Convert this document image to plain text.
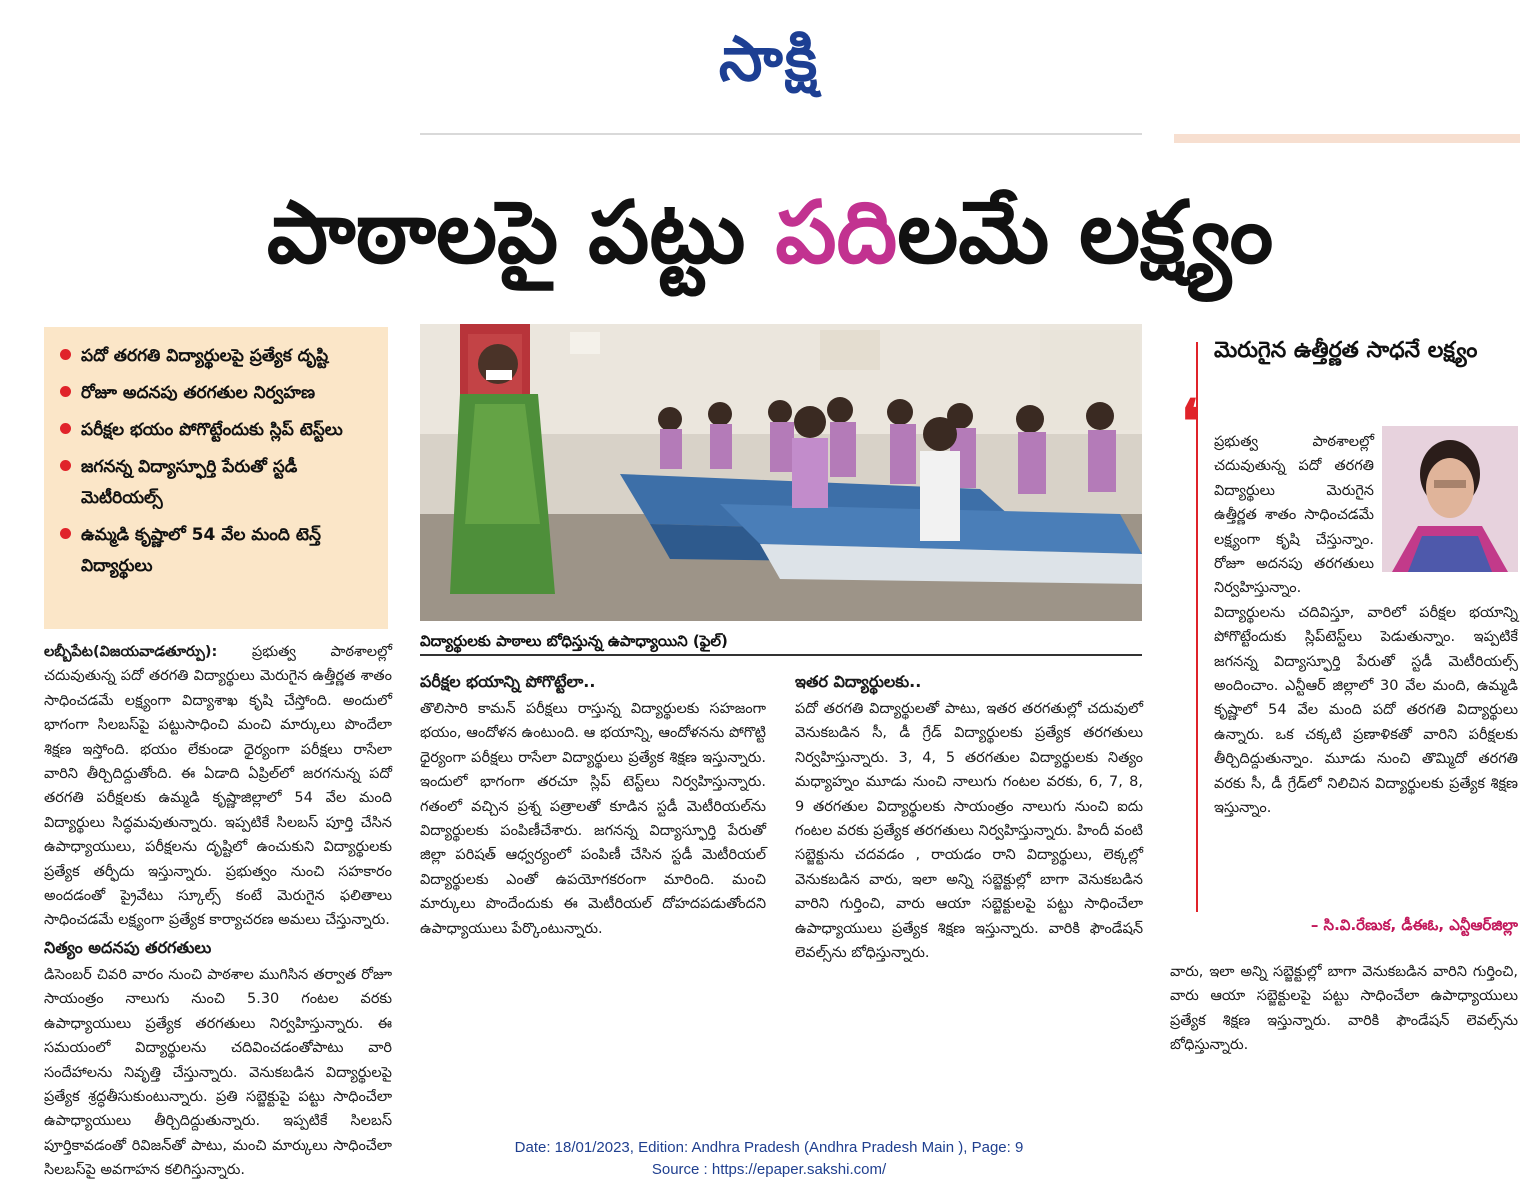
సాక్షి
పాఠాలపై పట్టు పదిలమే లక్ష్యం
పదో తరగతి విద్యార్థులపై ప్రత్యేక దృష్టి
రోజూ అదనపు తరగతుల నిర్వహణ
పరీక్షల భయం పోగొట్టేందుకు స్లిప్ టెస్ట్‌లు
జగనన్న విద్యాస్ఫూర్తి పేరుతో స్టడీ మెటీరియల్స్
ఉమ్మడి కృష్ణాలో 54 వేల మంది టెన్త్ విద్యార్థులు
విద్యార్థులకు పాఠాలు బోధిస్తున్న ఉపాధ్యాయిని (ఫైల్)

లబ్బీపేట(విజయవాడతూర్పు): ప్రభుత్వ పాఠశాలల్లో చదువుతున్న పదో తరగతి విద్యార్థులు మెరుగైన ఉత్తీర్ణత శాతం సాధించడమే లక్ష్యంగా విద్యాశాఖ కృషి చేస్తోంది. అందులో భాగంగా సిలబస్‌పై పట్టుసాధించి మంచి మార్కులు పొందేలా శిక్షణ ఇస్తోంది. భయం లేకుండా ధైర్యంగా పరీక్షలు రాసేలా వారిని తీర్చిదిద్దుతోంది. ఈ ఏడాది ఏప్రిల్‌లో జరగనున్న పదో తరగతి పరీక్షలకు ఉమ్మడి కృష్ణాజిల్లాలో 54 వేల మంది విద్యార్థులు సిద్ధమవుతున్నారు. ఇప్పటికే సిలబస్ పూర్తి చేసిన ఉపాధ్యాయులు, పరీక్షలను దృష్టిలో ఉంచుకుని విద్యార్థులకు ప్రత్యేక తర్ఫీదు ఇస్తున్నారు. ప్రభుత్వం నుంచి సహకారం అందడంతో ప్రైవేటు స్కూల్స్ కంటే మెరుగైన ఫలితాలు సాధించడమే లక్ష్యంగా ప్రత్యేక కార్యాచరణ అమలు చేస్తున్నారు.

నిత్యం అదనపు తరగతులు

డిసెంబర్ చివరి వారం నుంచి పాఠశాల ముగిసిన తర్వాత రోజూ సాయంత్రం నాలుగు నుంచి 5.30 గంటల వరకు ఉపాధ్యాయులు ప్రత్యేక తరగతులు నిర్వహిస్తున్నారు. ఈ సమయంలో విద్యార్థులను చదివించడంతోపాటు వారి సందేహాలను నివృత్తి చేస్తున్నారు. వెనుకబడిన విద్యార్థులపై ప్రత్యేక శ్రద్ధతీసుకుంటున్నారు. ప్రతి సబ్జెక్టుపై పట్టు సాధించేలా ఉపాధ్యాయులు తీర్చిదిద్దుతున్నారు. ఇప్పటికే సిలబస్ పూర్తికావడంతో రివిజన్‌తో పాటు, మంచి మార్కులు సాధించేలా సిలబస్‌పై అవగాహన కలిగిస్తున్నారు.

పరీక్షల భయాన్ని పోగొట్టేలా..

తొలిసారి కామన్ పరీక్షలు రాస్తున్న విద్యార్థులకు సహజంగా భయం, ఆందోళన ఉంటుంది. ఆ భయాన్ని, ఆందోళనను పోగొట్టి ధైర్యంగా పరీక్షలు రాసేలా విద్యార్థులు ప్రత్యేక శిక్షణ ఇస్తున్నారు. ఇందులో భాగంగా తరచూ స్లిప్ టెస్ట్‌లు నిర్వహిస్తున్నారు. గతంలో వచ్చిన ప్రశ్న పత్రాలతో కూడిన స్టడీ మెటీరియల్‌ను విద్యార్థులకు పంపిణీచేశారు. జగనన్న విద్యాస్ఫూర్తి పేరుతో జిల్లా పరిషత్ ఆధ్వర్యంలో పంపిణీ చేసిన స్టడీ మెటీరియల్ విద్యార్థులకు ఎంతో ఉపయోగకరంగా మారింది. మంచి మార్కులు పొందేందుకు ఈ మెటీరియల్ దోహదపడుతోందని ఉపాధ్యాయులు పేర్కొంటున్నారు.

ఇతర విద్యార్థులకు..

పదో తరగతి విద్యార్థులతో పాటు, ఇతర తరగతుల్లో చదువులో వెనుకబడిన సీ, డీ గ్రేడ్ విద్యార్థులకు ప్రత్యేక తరగతులు నిర్వహిస్తున్నారు. 3, 4, 5 తరగతుల విద్యార్థులకు నిత్యం మధ్యాహ్నం మూడు నుంచి నాలుగు గంటల వరకు, 6, 7, 8, 9 తరగతుల విద్యార్థులకు సాయంత్రం నాలుగు నుంచి ఐదు గంటల వరకు ప్రత్యేక తరగతులు నిర్వహిస్తున్నారు. హిందీ వంటి సబ్జెక్టును చదవడం , రాయడం రాని విద్యార్థులు, లెక్కల్లో వెనుకబడిన వారు, ఇలా అన్ని సబ్జెక్టుల్లో బాగా వెనుకబడిన వారిని గుర్తించి, వారు ఆయా సబ్జెక్టులపై పట్టు సాధించేలా ఉపాధ్యాయులు ప్రత్యేక శిక్షణ ఇస్తున్నారు. వారికి ఫౌండేషన్ లెవల్స్‌ను బోధిస్తున్నారు.

❛
మెరుగైన ఉత్తీర్ణత సాధనే లక్ష్యం
ప్రభుత్వ పాఠశాలల్లో చదువుతున్న పదో తరగతి విద్యార్థులు మెరుగైన ఉత్తీర్ణత శాతం సాధించడమే లక్ష్యంగా కృషి చేస్తున్నాం. రోజూ అదనపు తరగతులు నిర్వహిస్తున్నాం. విద్యార్థులను చదివిస్తూ, వారిలో పరీక్షల భయాన్ని పోగొట్టేందుకు స్లిప్‌టెస్ట్‌లు పెడుతున్నాం. ఇప్పటికే జగనన్న విద్యాస్ఫూర్తి పేరుతో స్టడీ మెటీరియల్స్ అందించాం. ఎన్టీఆర్ జిల్లాలో 30 వేల మంది, ఉమ్మడి కృష్ణాలో 54 వేల మంది పదో తరగతి విద్యార్థులు ఉన్నారు. ఒక చక్కటి ప్రణాళికతో వారిని పరీక్షలకు తీర్చిదిద్దుతున్నాం. మూడు నుంచి తొమ్మిదో తరగతి వరకు సీ, డీ గ్రేడ్‌లో నిలిచిన విద్యార్థులకు ప్రత్యేక శిక్షణ ఇస్తున్నాం.
– సి.వి.రేణుక, డీఈఓ, ఎన్టీఆర్‌జిల్లా

వారు, ఇలా అన్ని సబ్జెక్టుల్లో బాగా వెనుకబడిన వారిని గుర్తించి, వారు ఆయా సబ్జెక్టులపై పట్టు సాధించేలా ఉపాధ్యాయులు ప్రత్యేక శిక్షణ ఇస్తున్నారు. వారికి ఫౌండేషన్ లెవల్స్‌ను బోధిస్తున్నారు.

Date: 18/01/2023, Edition: Andhra Pradesh (Andhra Pradesh Main ), Page: 9
Source : https://epaper.sakshi.com/
